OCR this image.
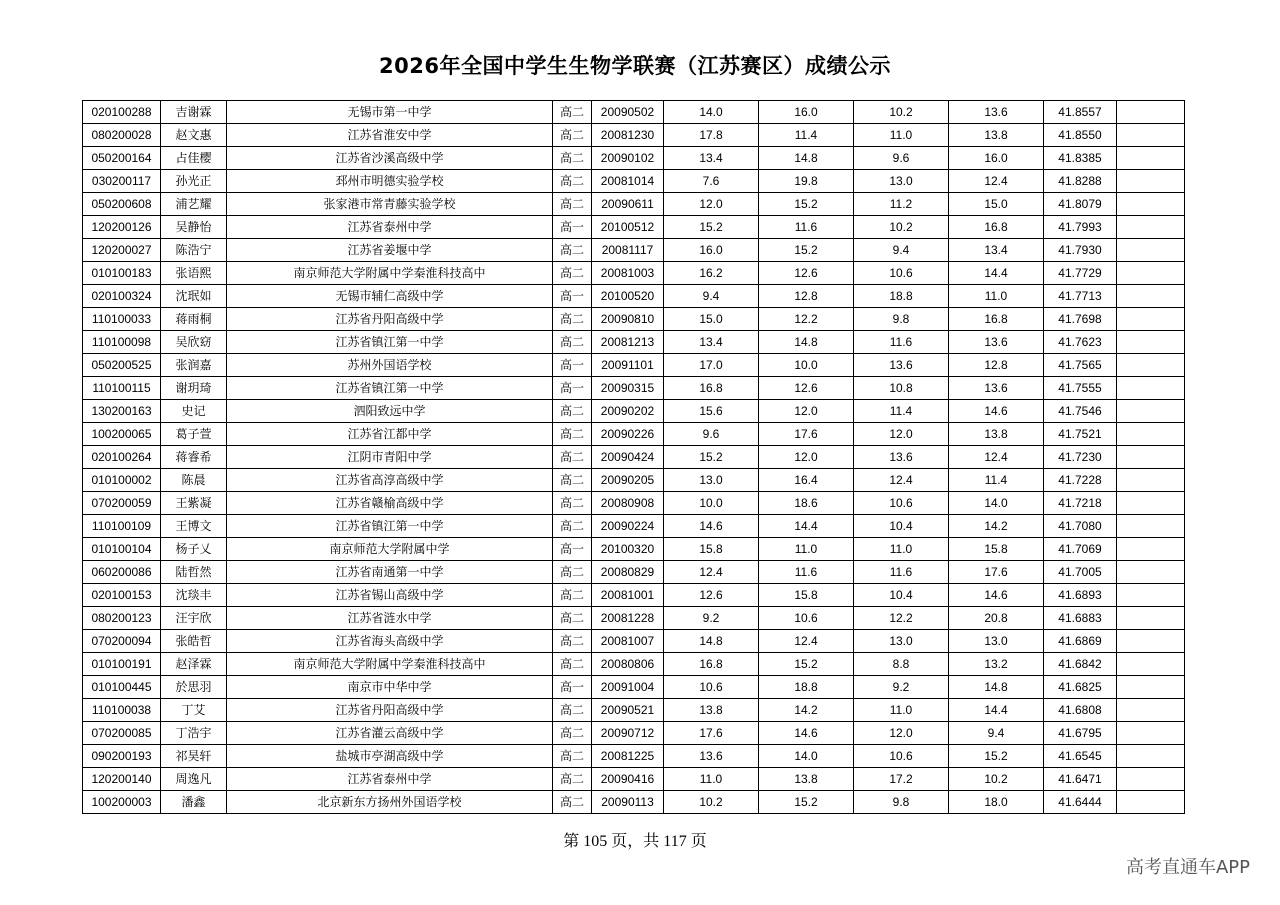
2026年全国中学生生物学联赛（江苏赛区）成绩公示
020100288	吉谢霖	无锡市第一中学	高二	20090502	14.0	16.0	10.2	13.6	41.8557	
080200028	赵文惠	江苏省淮安中学	高二	20081230	17.8	11.4	11.0	13.8	41.8550	
050200164	占佳樱	江苏省沙溪高级中学	高二	20090102	13.4	14.8	9.6	16.0	41.8385	
030200117	孙光正	邳州市明德实验学校	高二	20081014	7.6	19.8	13.0	12.4	41.8288	
050200608	浦艺耀	张家港市常青藤实验学校	高二	20090611	12.0	15.2	11.2	15.0	41.8079	
120200126	吴静怡	江苏省泰州中学	高一	20100512	15.2	11.6	10.2	16.8	41.7993	
120200027	陈浩宁	江苏省姜堰中学	高二	20081117	16.0	15.2	9.4	13.4	41.7930	
010100183	张语熙	南京师范大学附属中学秦淮科技高中	高二	20081003	16.2	12.6	10.6	14.4	41.7729	
020100324	沈珉如	无锡市辅仁高级中学	高一	20100520	9.4	12.8	18.8	11.0	41.7713	
110100033	蒋雨桐	江苏省丹阳高级中学	高二	20090810	15.0	12.2	9.8	16.8	41.7698	
110100098	吴欣窈	江苏省镇江第一中学	高二	20081213	13.4	14.8	11.6	13.6	41.7623	
050200525	张润嘉	苏州外国语学校	高一	20091101	17.0	10.0	13.6	12.8	41.7565	
110100115	谢玥琦	江苏省镇江第一中学	高一	20090315	16.8	12.6	10.8	13.6	41.7555	
130200163	史记	泗阳致远中学	高二	20090202	15.6	12.0	11.4	14.6	41.7546	
100200065	葛子萱	江苏省江都中学	高二	20090226	9.6	17.6	12.0	13.8	41.7521	
020100264	蒋睿希	江阴市青阳中学	高二	20090424	15.2	12.0	13.6	12.4	41.7230	
010100002	陈晨	江苏省高淳高级中学	高二	20090205	13.0	16.4	12.4	11.4	41.7228	
070200059	王紫凝	江苏省赣榆高级中学	高二	20080908	10.0	18.6	10.6	14.0	41.7218	
110100109	王博文	江苏省镇江第一中学	高二	20090224	14.6	14.4	10.4	14.2	41.7080	
010100104	杨子乂	南京师范大学附属中学	高一	20100320	15.8	11.0	11.0	15.8	41.7069	
060200086	陆哲然	江苏省南通第一中学	高二	20080829	12.4	11.6	11.6	17.6	41.7005	
020100153	沈琰丰	江苏省锡山高级中学	高二	20081001	12.6	15.8	10.4	14.6	41.6893	
080200123	汪宇欣	江苏省涟水中学	高二	20081228	9.2	10.6	12.2	20.8	41.6883	
070200094	张皓哲	江苏省海头高级中学	高二	20081007	14.8	12.4	13.0	13.0	41.6869	
010100191	赵泽霖	南京师范大学附属中学秦淮科技高中	高二	20080806	16.8	15.2	8.8	13.2	41.6842	
010100445	於思羽	南京市中华中学	高一	20091004	10.6	18.8	9.2	14.8	41.6825	
110100038	丁艾	江苏省丹阳高级中学	高二	20090521	13.8	14.2	11.0	14.4	41.6808	
070200085	丁浩宇	江苏省灌云高级中学	高二	20090712	17.6	14.6	12.0	9.4	41.6795	
090200193	祁昊轩	盐城市亭湖高级中学	高二	20081225	13.6	14.0	10.6	15.2	41.6545	
120200140	周逸凡	江苏省泰州中学	高二	20090416	11.0	13.8	17.2	10.2	41.6471	
100200003	潘鑫	北京新东方扬州外国语学校	高二	20090113	10.2	15.2	9.8	18.0	41.6444	
第 105 页，共 117 页
高考直通车APP
